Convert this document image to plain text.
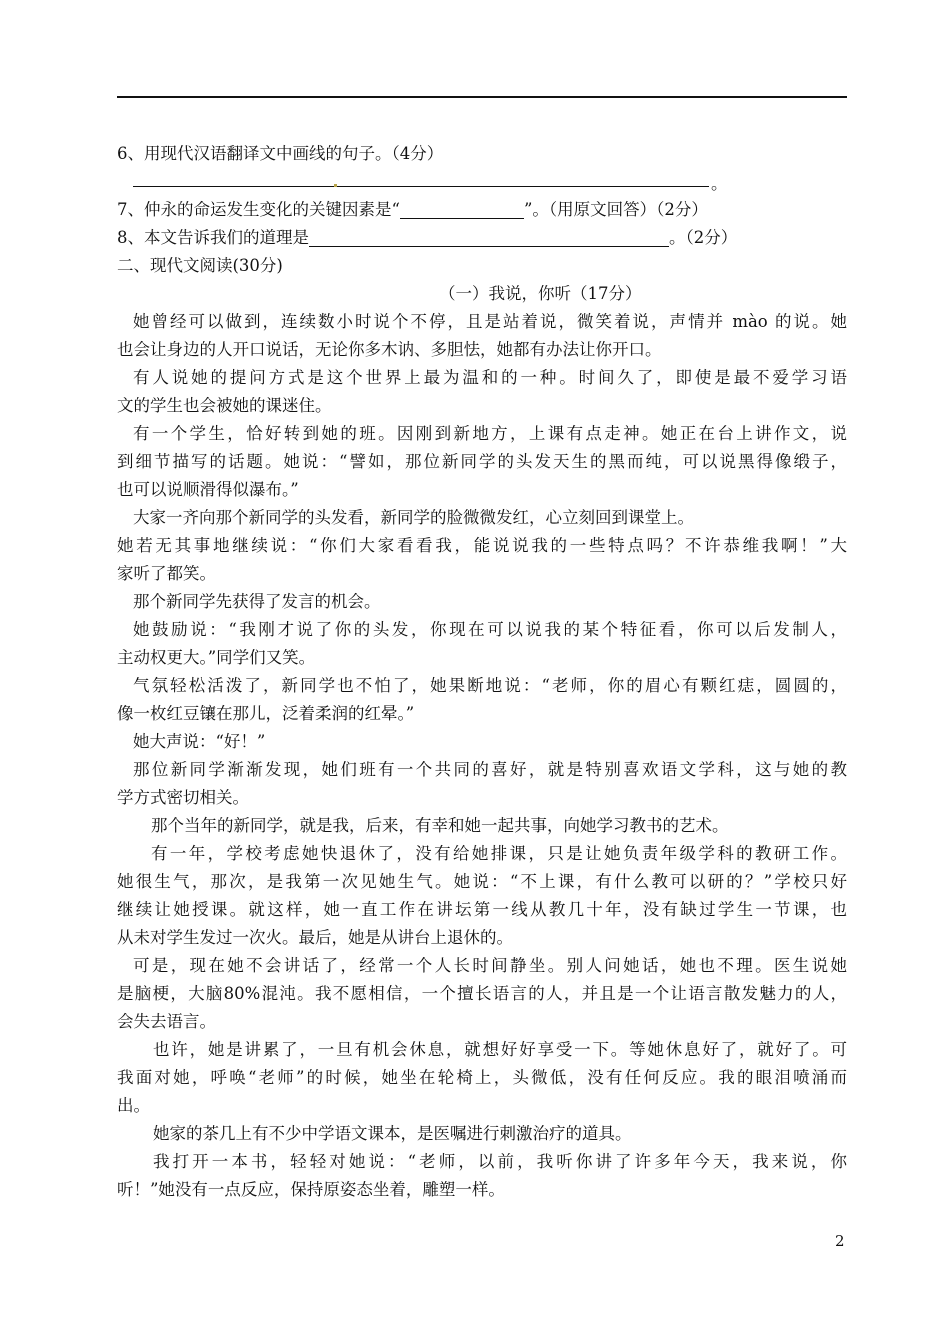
6、用现代汉语翻译文中画线的句子。（4分）
。
7、仲永的命运发生变化的关键因素是“	”。（用原文回答）（2分）
8、本文告诉我们的道理是	。（2分）
二、现代文阅读(30分)
（一）我说，你听（17分）
她曾经可以做到，连续数小时说个不停，且是站着说，微笑着说，声情并 mào 的说。她
也会让身边的人开口说话，无论你多木讷、多胆怯，她都有办法让你开口。
有人说她的提问方式是这个世界上最为温和的一种。时间久了，即使是最不爱学习语
文的学生也会被她的课迷住。
有一个学生，恰好转到她的班。因刚到新地方，上课有点走神。她正在台上讲作文，说
到细节描写的话题。她说：“譬如，那位新同学的头发天生的黑而纯，可以说黑得像缎子，
也可以说顺滑得似瀑布。”
大家一齐向那个新同学的头发看，新同学的脸微微发红，心立刻回到课堂上。
她若无其事地继续说：“你们大家看看我，能说说我的一些特点吗？不许恭维我啊！”大
家听了都笑。
那个新同学先获得了发言的机会。
她鼓励说：“我刚才说了你的头发，你现在可以说我的某个特征看，你可以后发制人，
主动权更大。”同学们又笑。
气氛轻松活泼了，新同学也不怕了，她果断地说：“老师，你的眉心有颗红痣，圆圆的，
像一枚红豆镶在那儿，泛着柔润的红晕。”
她大声说：“好！”
那位新同学渐渐发现，她们班有一个共同的喜好，就是特别喜欢语文学科，这与她的教
学方式密切相关。
那个当年的新同学，就是我，后来，有幸和她一起共事，向她学习教书的艺术。
有一年，学校考虑她快退休了，没有给她排课，只是让她负责年级学科的教研工作。
她很生气，那次，是我第一次见她生气。她说：“不上课，有什么教可以研的？”学校只好
继续让她授课。就这样，她一直工作在讲坛第一线从教几十年，没有缺过学生一节课，也
从未对学生发过一次火。最后，她是从讲台上退休的。
可是，现在她不会讲话了，经常一个人长时间静坐。别人问她话，她也不理。医生说她
是脑梗，大脑80%混沌。我不愿相信，一个擅长语言的人，并且是一个让语言散发魅力的人，
会失去语言。
也许，她是讲累了，一旦有机会休息，就想好好享受一下。等她休息好了，就好了。可
我面对她，呼唤“老师”的时候，她坐在轮椅上，头微低，没有任何反应。我的眼泪喷涌而
出。
她家的茶几上有不少中学语文课本，是医嘱进行刺激治疗的道具。
我打开一本书，轻轻对她说：“老师，以前，我听你讲了许多年今天，我来说，你
听！”她没有一点反应，保持原姿态坐着，雕塑一样。
2
